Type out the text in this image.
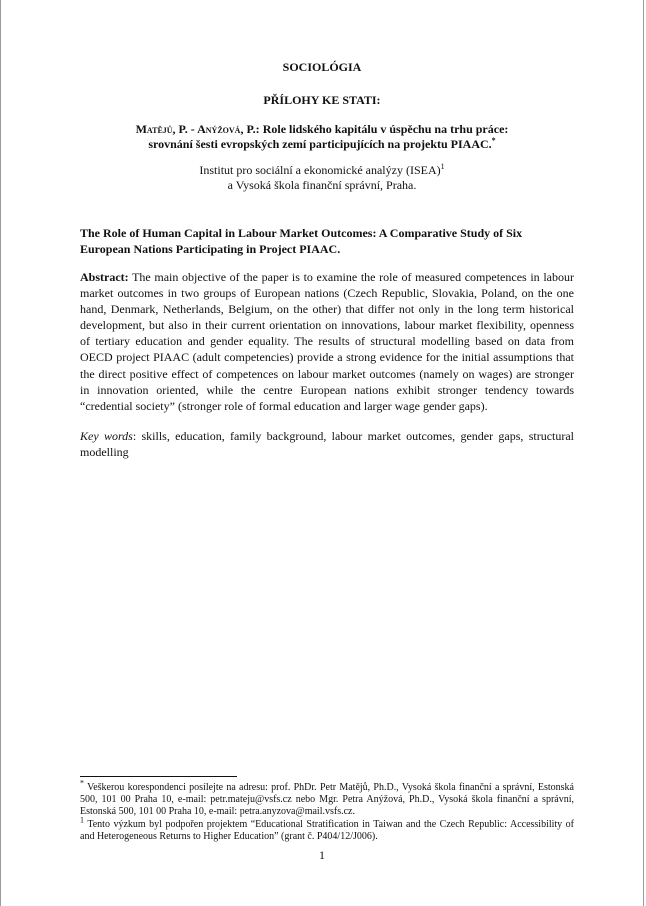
SOCIOLÓGIA
PŘÍLOHY KE STATI:
Matějů, P. - Anýžová, P.: Role lidského kapitálu v úspěchu na trhu práce:
srovnání šesti evropských zemí participujících na projektu PIAAC.*
Institut pro sociální a ekonomické analýzy (ISEA)$^1$
a Vysoká škola finanční správní, Praha.
The Role of Human Capital in Labour Market Outcomes: A Comparative Study of Six European Nations Participating in Project PIAAC.

Abstract: The main objective of the paper is to examine the role of measured competences in labour market outcomes in two groups of European nations (Czech Republic, Slovakia, Poland, on the one hand, Denmark, Netherlands, Belgium, on the other) that differ not only in the long term historical development, but also in their current orientation on innovations, labour market flexibility, openness of tertiary education and gender equality. The results of structural modelling based on data from OECD project PIAAC (adult competencies) provide a strong evidence for the initial assumptions that the direct positive effect of competences on labour market outcomes (namely on wages) are stronger in innovation oriented, while the centre European nations exhibit stronger tendency towards “credential society” (stronger role of formal education and larger wage gender gaps).

Key words: skills, education, family background, labour market outcomes, gender gaps, structural modelling

* Veškerou korespondenci posílejte na adresu: prof. PhDr. Petr Matějů, Ph.D., Vysoká škola finanční a správní, Estonská 500, 101 00 Praha 10, e-mail: petr.mateju@vsfs.cz nebo Mgr. Petra Anýžová, Ph.D., Vysoká škola finanční a správní, Estonská 500, 101 00 Praha 10, e-mail: petra.anyzova@mail.vsfs.cz.

$^1$ Tento výzkum byl podpořen projektem “Educational Stratification in Taiwan and the Czech Republic: Accessibility of and Heterogeneous Returns to Higher Education” (grant č. P404/12/J006).

1
